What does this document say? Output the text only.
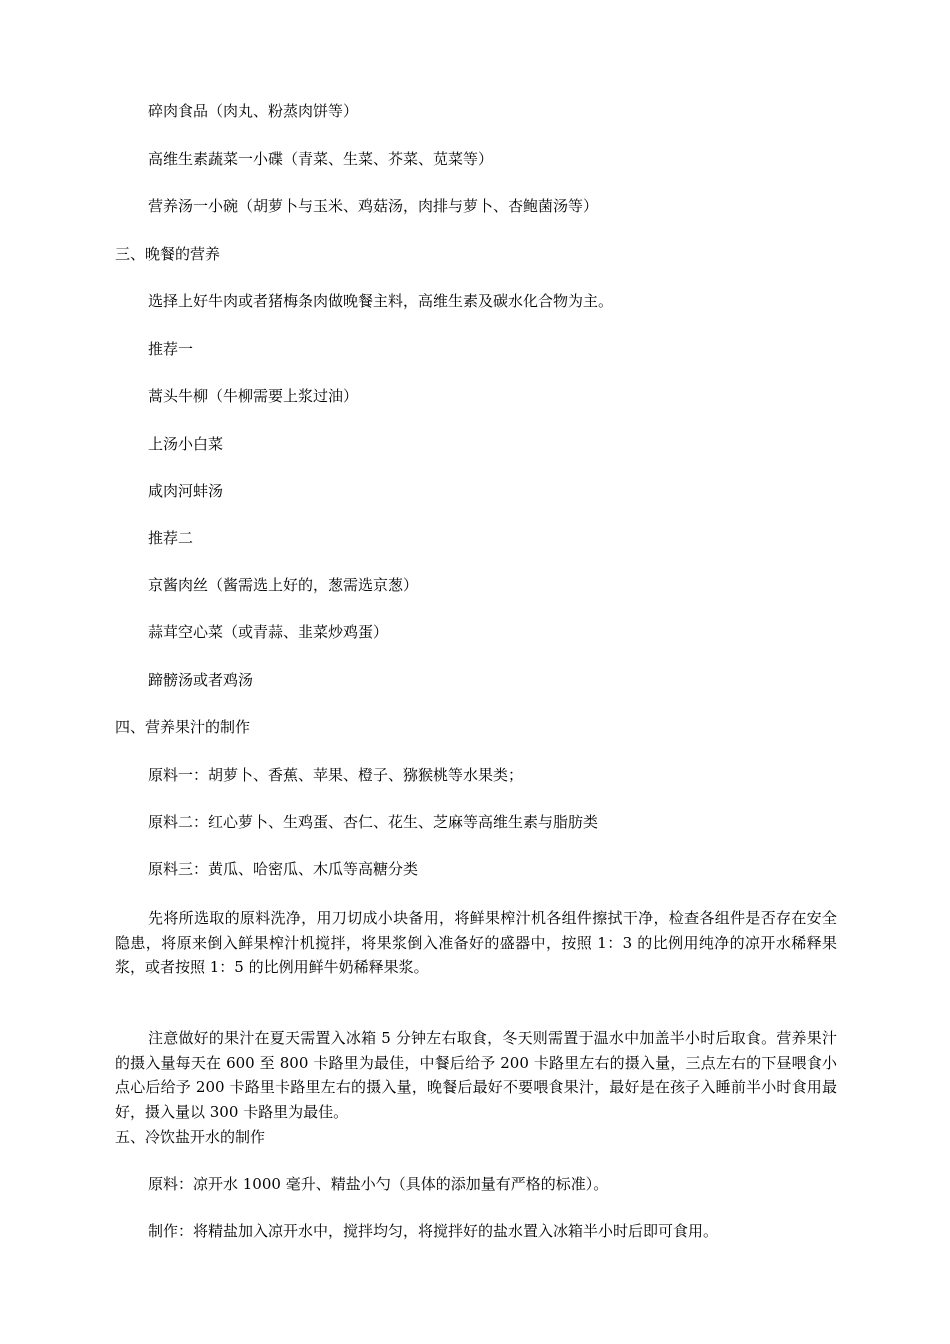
碎肉食品（肉丸、粉蒸肉饼等）
高维生素蔬菜一小碟（青菜、生菜、芥菜、苋菜等）
营养汤一小碗（胡萝卜与玉米、鸡菇汤，肉排与萝卜、杏鲍菌汤等）
三、晚餐的营养
选择上好牛肉或者猪梅条肉做晚餐主料，高维生素及碳水化合物为主。
推荐一
蒿头牛柳（牛柳需要上浆过油）
上汤小白菜
咸肉河蚌汤
推荐二
京酱肉丝（酱需选上好的，葱需选京葱）
蒜茸空心菜（或青蒜、韭菜炒鸡蛋）
蹄髈汤或者鸡汤
四、营养果汁的制作
原料一：胡萝卜、香蕉、苹果、橙子、猕猴桃等水果类；
原料二：红心萝卜、生鸡蛋、杏仁、花生、芝麻等高维生素与脂肪类
原料三：黄瓜、哈密瓜、木瓜等高糖分类
先将所选取的原料洗净，用刀切成小块备用，将鲜果榨汁机各组件擦拭干净，检查各组件是否存在安全隐患，将原来倒入鲜果榨汁机搅拌，将果浆倒入准备好的盛器中，按照 1：3 的比例用纯净的凉开水稀释果浆，或者按照 1：5 的比例用鲜牛奶稀释果浆。
注意做好的果汁在夏天需置入冰箱 5 分钟左右取食，冬天则需置于温水中加盖半小时后取食。营养果汁的摄入量每天在 600 至 800 卡路里为最佳，中餐后给予 200 卡路里左右的摄入量，三点左右的下昼喂食小点心后给予 200 卡路里卡路里左右的摄入量，晚餐后最好不要喂食果汁，最好是在孩子入睡前半小时食用最好，摄入量以 300 卡路里为最佳。
五、冷饮盐开水的制作
原料：凉开水 1000 毫升、精盐小勺（具体的添加量有严格的标准）。
制作：将精盐加入凉开水中，搅拌均匀，将搅拌好的盐水置入冰箱半小时后即可食用。
